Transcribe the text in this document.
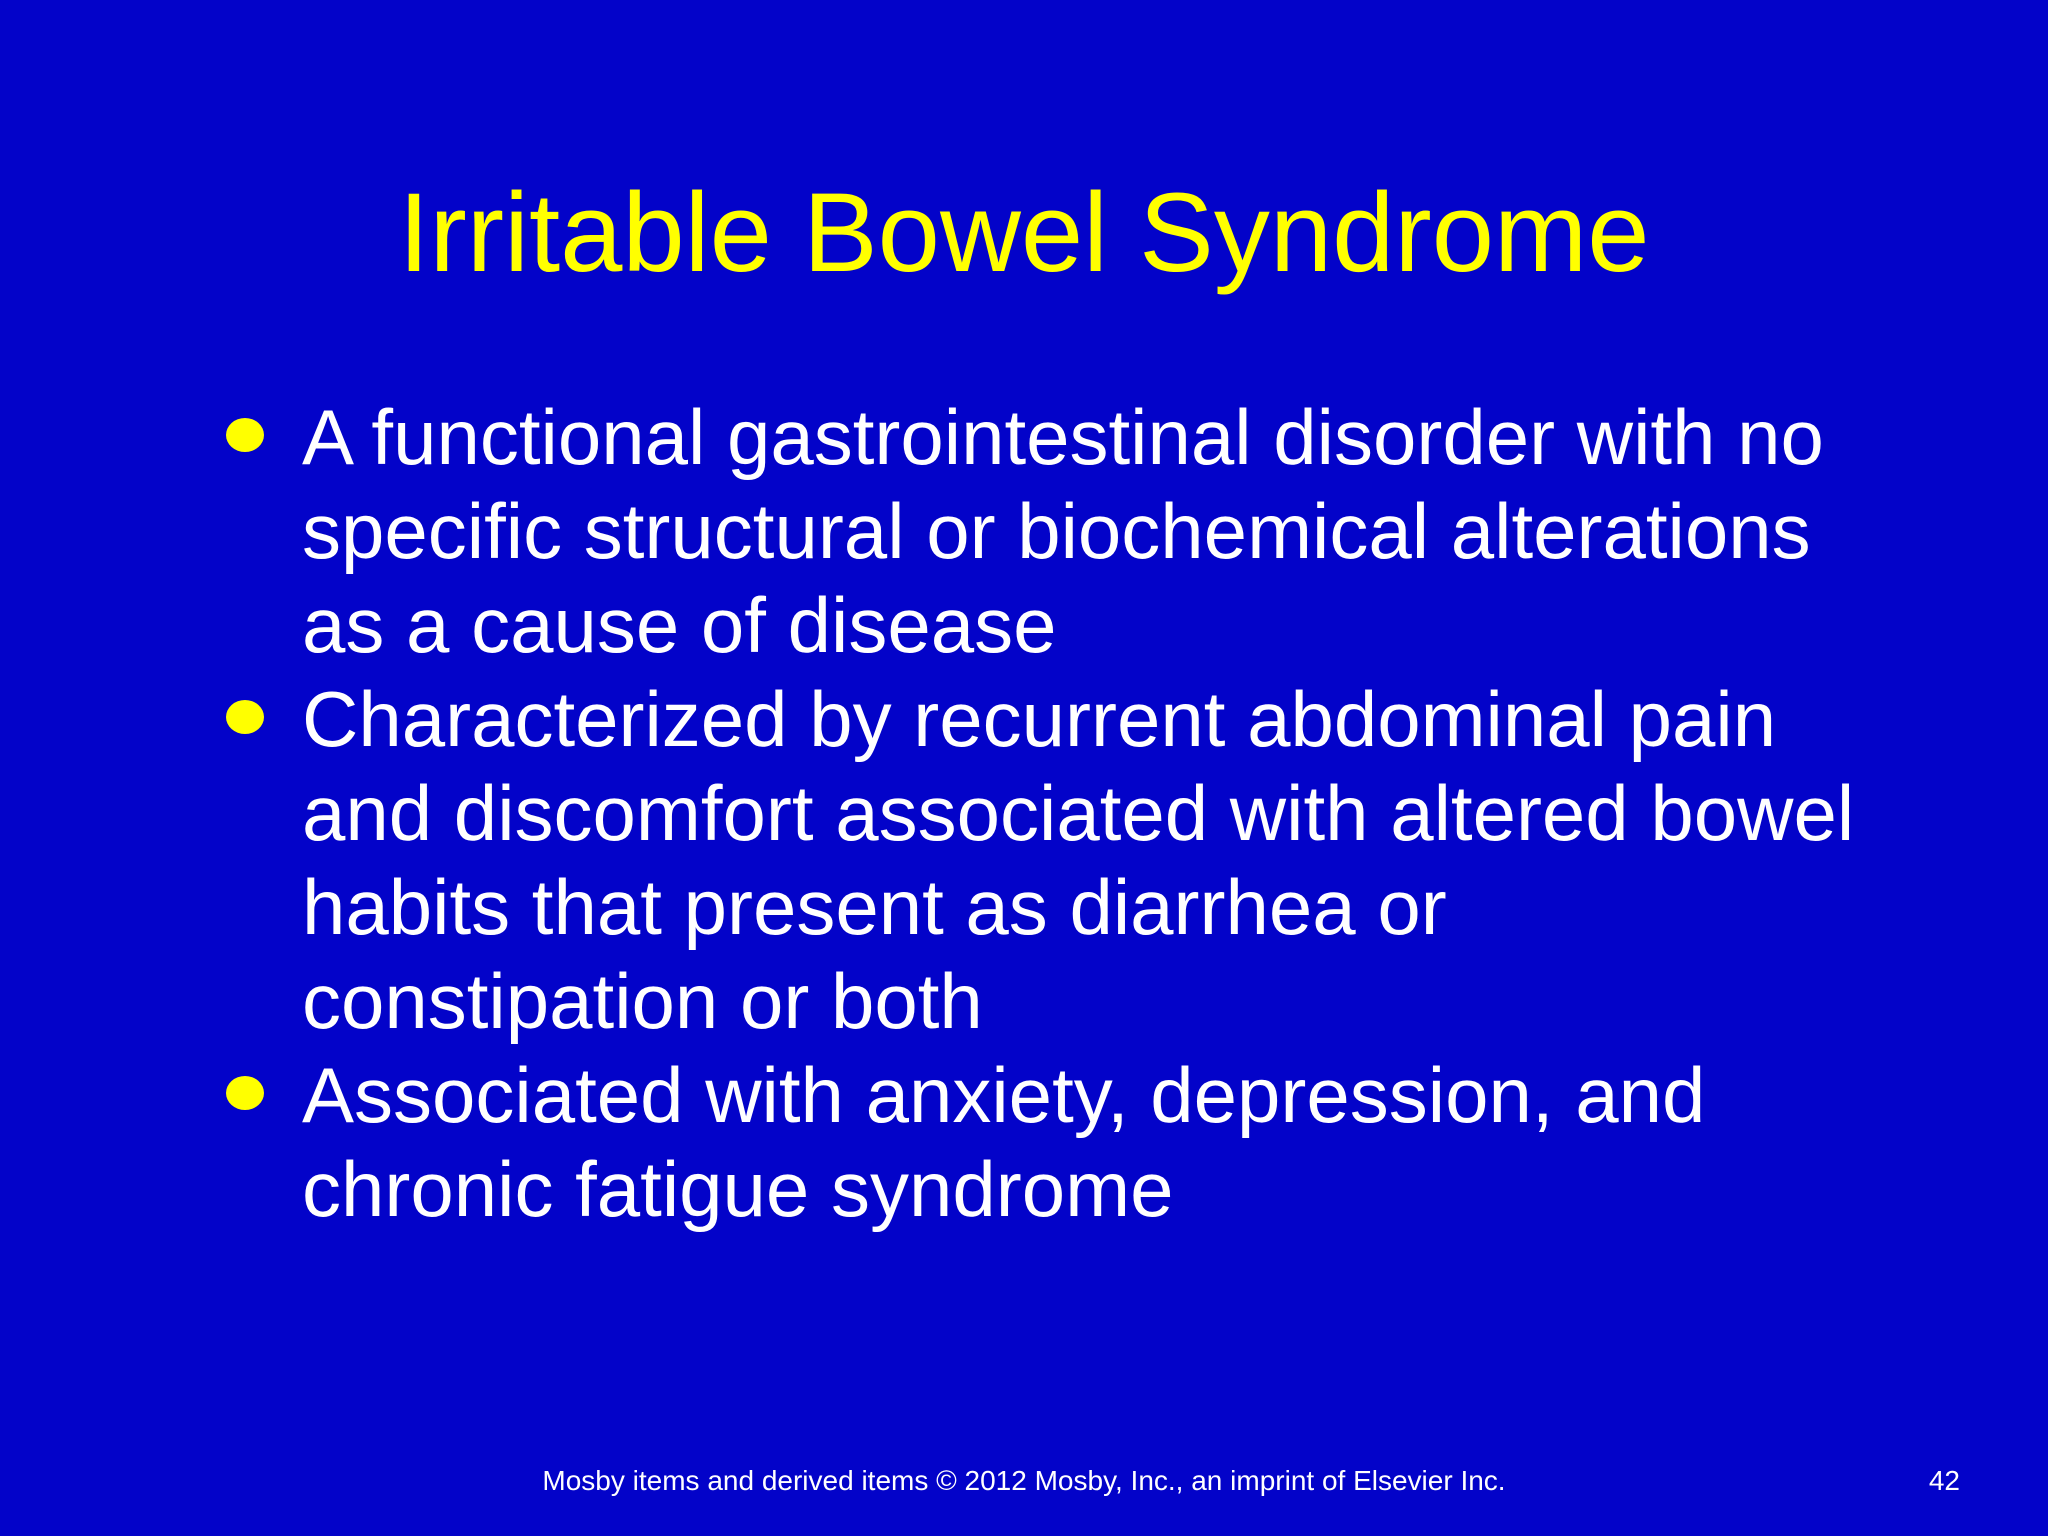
Irritable Bowel Syndrome
A functional gastrointestinal disorder with no specific structural or biochemical alterations as a cause of disease
Characterized by recurrent abdominal pain and discomfort associated with altered bowel habits that present as diarrhea or constipation or both
Associated with anxiety, depression, and chronic fatigue syndrome
Mosby items and derived items © 2012 Mosby, Inc., an imprint of Elsevier Inc.	42
